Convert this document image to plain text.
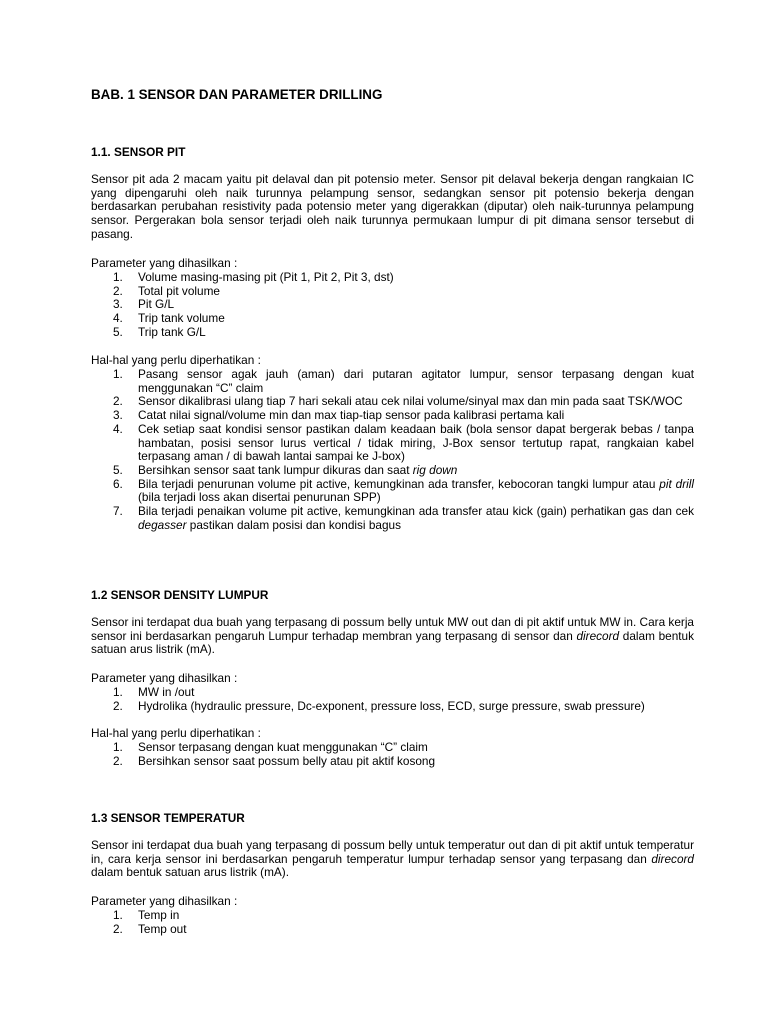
BAB. 1 SENSOR DAN PARAMETER DRILLING
1.1. SENSOR PIT
Sensor pit ada 2 macam yaitu pit delaval dan pit potensio meter. Sensor pit delaval bekerja dengan rangkaian IC yang dipengaruhi oleh naik turunnya pelampung sensor, sedangkan sensor pit potensio bekerja dengan berdasarkan perubahan resistivity pada potensio meter yang digerakkan (diputar) oleh naik-turunnya pelampung sensor. Pergerakan bola sensor terjadi oleh naik turunnya permukaan lumpur di pit dimana sensor tersebut di pasang.
Parameter yang dihasilkan :
1. Volume masing-masing pit (Pit 1, Pit 2, Pit 3, dst)
2. Total pit volume
3. Pit G/L
4. Trip tank volume
5. Trip tank G/L
Hal-hal yang perlu diperhatikan :
1. Pasang sensor agak jauh (aman) dari putaran agitator lumpur, sensor terpasang dengan kuat menggunakan “C” claim
2. Sensor dikalibrasi ulang tiap 7 hari sekali atau cek nilai volume/sinyal max dan min pada saat TSK/WOC
3. Catat nilai signal/volume min dan max tiap-tiap sensor pada kalibrasi pertama kali
4. Cek setiap saat kondisi sensor pastikan dalam keadaan baik (bola sensor dapat bergerak bebas / tanpa hambatan, posisi sensor lurus vertical / tidak miring, J-Box sensor tertutup rapat, rangkaian kabel terpasang aman / di bawah lantai sampai ke J-box)
5. Bersihkan sensor saat tank lumpur dikuras dan saat rig down
6. Bila terjadi penurunan volume pit active, kemungkinan ada transfer, kebocoran tangki lumpur atau pit drill (bila terjadi loss akan disertai penurunan SPP)
7. Bila terjadi penaikan volume pit active, kemungkinan ada transfer atau kick (gain) perhatikan gas dan cek degasser pastikan dalam posisi dan kondisi bagus
1.2 SENSOR DENSITY LUMPUR
Sensor ini terdapat dua buah yang terpasang di possum belly untuk MW out dan di pit aktif untuk MW in. Cara kerja sensor ini berdasarkan pengaruh Lumpur terhadap membran yang terpasang di sensor dan direcord dalam bentuk satuan arus listrik (mA).
Parameter yang dihasilkan :
1. MW in /out
2. Hydrolika (hydraulic pressure, Dc-exponent, pressure loss, ECD, surge pressure, swab pressure)
Hal-hal yang perlu diperhatikan :
1. Sensor terpasang dengan kuat menggunakan “C” claim
2. Bersihkan sensor saat possum belly atau pit aktif kosong
1.3 SENSOR TEMPERATUR
Sensor ini terdapat dua buah yang terpasang di possum belly untuk temperatur out dan di pit aktif untuk temperatur in, cara kerja sensor ini berdasarkan pengaruh temperatur lumpur terhadap sensor yang terpasang dan direcord dalam bentuk satuan arus listrik (mA).
Parameter yang dihasilkan :
1. Temp in
2. Temp out
